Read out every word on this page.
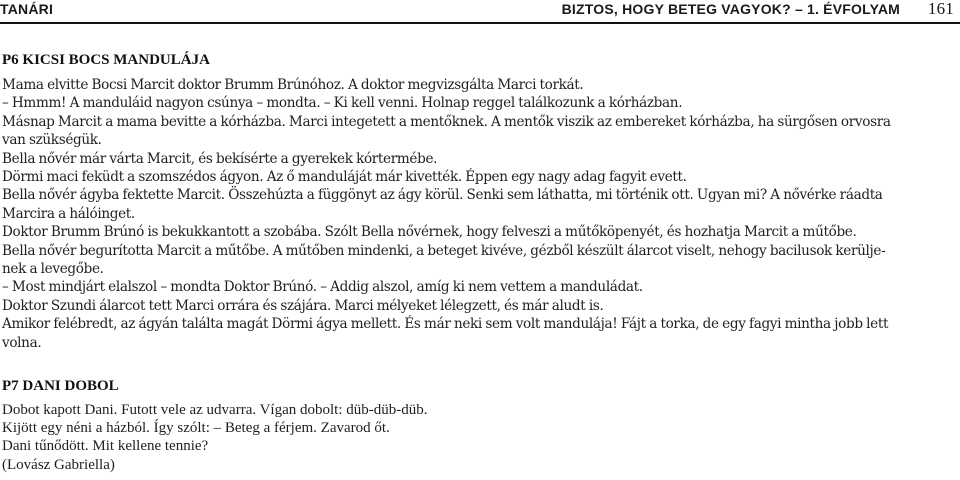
TANÁRI	BIZTOS, HOGY BETEG VAGYOK? – 1. ÉVFOLYAM 161
P6 KICSI BOCS MANDULÁJA
Mama elvitte Bocsi Marcit doktor Brumm Brúnóhoz. A doktor megvizsgálta Marci torkát.
– Hmmm! A manduláid nagyon csúnya – mondta. – Ki kell venni. Holnap reggel találkozunk a kórházban.
Másnap Marcit a mama bevitte a kórházba. Marci integetett a mentőknek. A mentők viszik az embereket kórházba, ha sürgősen orvosra
van szükségük.
Bella nővér már várta Marcit, és bekísérte a gyerekek kórtermébe.
Dörmi maci feküdt a szomszédos ágyon. Az ő manduláját már kivették. Éppen egy nagy adag fagyit evett.
Bella nővér ágyba fektette Marcit. Összehúzta a függönyt az ágy körül. Senki sem láthatta, mi történik ott. Ugyan mi? A nővérke ráadta
Marcira a hálóinget.
Doktor Brumm Brúnó is bekukkantott a szobába. Szólt Bella nővérnek, hogy felveszi a műtőköpenyét, és hozhatja Marcit a műtőbe.
Bella nővér begurította Marcit a műtőbe. A műtőben mindenki, a beteget kivéve, gézből készült álarcot viselt, nehogy bacilusok kerülje-
nek a levegőbe.
– Most mindjárt elalszol – mondta Doktor Brúnó. – Addig alszol, amíg ki nem vettem a manduládat.
Doktor Szundi álarcot tett Marci orrára és szájára. Marci mélyeket lélegzett, és már aludt is.
Amikor felébredt, az ágyán találta magát Dörmi ágya mellett. És már neki sem volt mandulája! Fájt a torka, de egy fagyi mintha jobb lett
volna.
P7 DANI DOBOL
Dobot kapott Dani. Futott vele az udvarra. Vígan dobolt: düb-düb-düb.
Kijött egy néni a házból. Így szólt: – Beteg a férjem. Zavarod őt.
Dani tűnődött. Mit kellene tennie?
(Lovász Gabriella)
